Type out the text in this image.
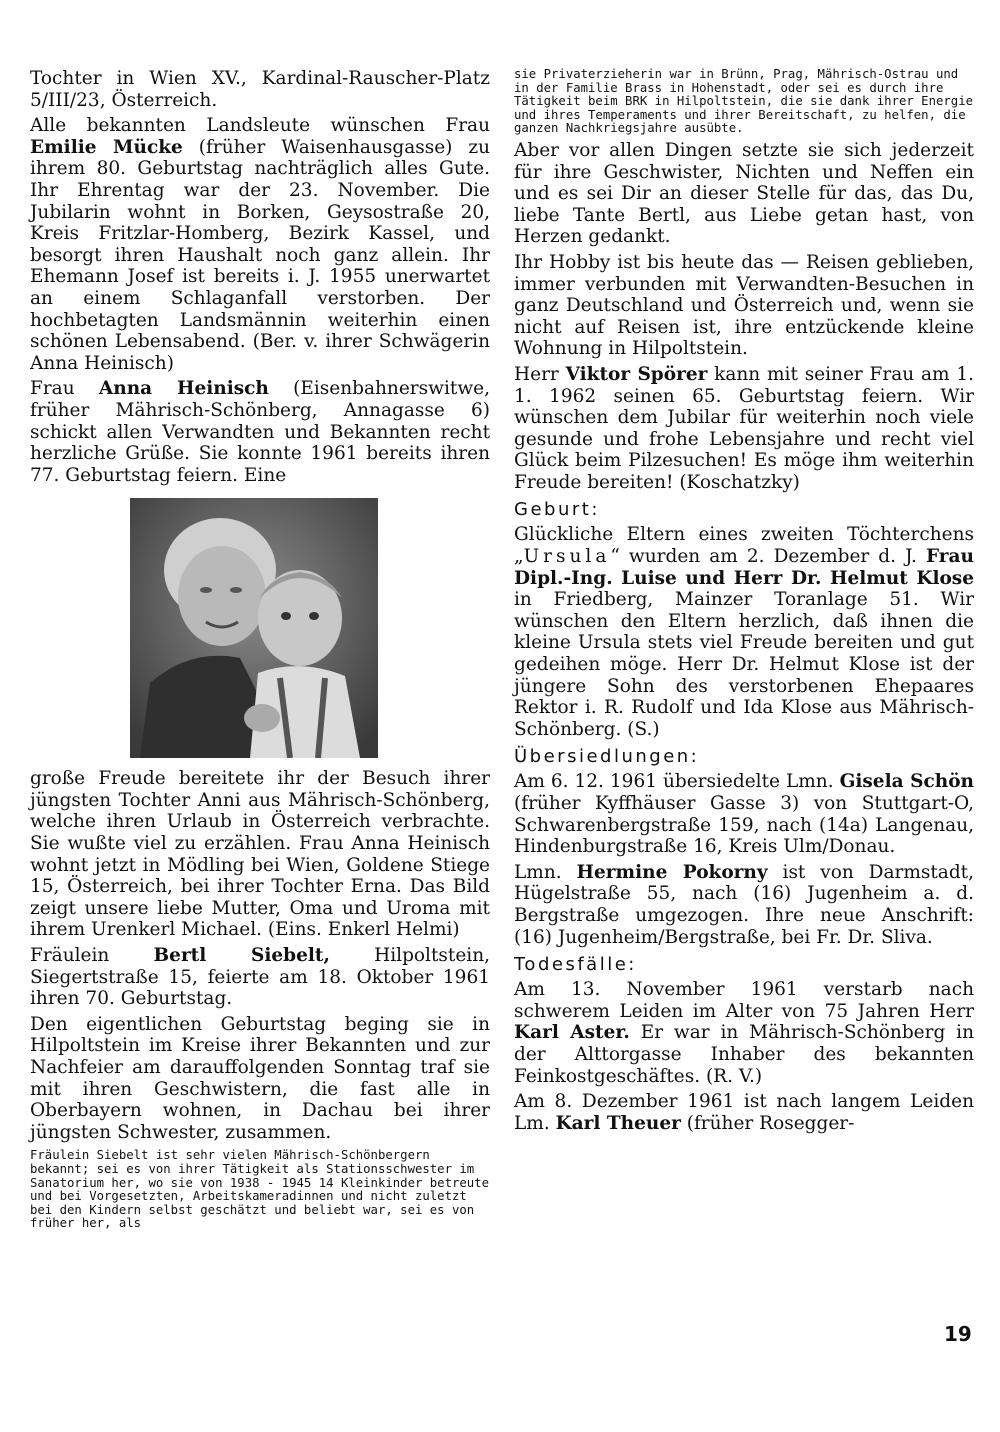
Tochter in Wien XV., Kardinal-Rauscher-Platz 5/III/23, Österreich.

Alle bekannten Landsleute wünschen Frau Emilie Mücke (früher Waisenhausgasse) zu ihrem 80. Geburtstag nachträglich alles Gute. Ihr Ehrentag war der 23. November. Die Jubilarin wohnt in Borken, Geysostraße 20, Kreis Fritzlar-Homberg, Bezirk Kassel, und besorgt ihren Haushalt noch ganz allein. Ihr Ehemann Josef ist bereits i. J. 1955 unerwartet an einem Schlaganfall verstorben. Der hochbetagten Landsmännin weiterhin einen schönen Lebensabend. (Ber. v. ihrer Schwägerin Anna Heinisch)

Frau Anna Heinisch (Eisenbahnerswitwe, früher Mährisch-Schönberg, Annagasse 6) schickt allen Verwandten und Bekannten recht herzliche Grüße. Sie konnte 1961 bereits ihren 77. Geburtstag feiern. Eine

große Freude bereitete ihr der Besuch ihrer jüngsten Tochter Anni aus Mährisch-Schönberg, welche ihren Urlaub in Österreich verbrachte. Sie wußte viel zu erzählen. Frau Anna Heinisch wohnt jetzt in Mödling bei Wien, Goldene Stiege 15, Österreich, bei ihrer Tochter Erna. Das Bild zeigt unsere liebe Mutter, Oma und Uroma mit ihrem Urenkerl Michael. (Eins. Enkerl Helmi)

Fräulein Bertl Siebelt, Hilpoltstein, Siegertstraße 15, feierte am 18. Oktober 1961 ihren 70. Geburtstag.

Den eigentlichen Geburtstag beging sie in Hilpoltstein im Kreise ihrer Bekannten und zur Nachfeier am darauffolgenden Sonntag traf sie mit ihren Geschwistern, die fast alle in Oberbayern wohnen, in Dachau bei ihrer jüngsten Schwester, zusammen.

Fräulein Siebelt ist sehr vielen Mährisch-Schönbergern bekannt; sei es von ihrer Tätigkeit als Stationsschwester im Sanatorium her, wo sie von 1938 - 1945 14 Kleinkinder betreute und bei Vorgesetzten, Arbeitskameradinnen und nicht zuletzt bei den Kindern selbst geschätzt und beliebt war, sei es von früher her, als

sie Privaterzieherin war in Brünn, Prag, Mährisch-Ostrau und in der Familie Brass in Hohenstadt, oder sei es durch ihre Tätigkeit beim BRK in Hilpoltstein, die sie dank ihrer Energie und ihres Temperaments und ihrer Bereitschaft, zu helfen, die ganzen Nachkriegsjahre ausübte.

Aber vor allen Dingen setzte sie sich jederzeit für ihre Geschwister, Nichten und Neffen ein und es sei Dir an dieser Stelle für das, das Du, liebe Tante Bertl, aus Liebe getan hast, von Herzen gedankt.

Ihr Hobby ist bis heute das — Reisen geblieben, immer verbunden mit Verwandten-Besuchen in ganz Deutschland und Österreich und, wenn sie nicht auf Reisen ist, ihre entzückende kleine Wohnung in Hilpoltstein.

Herr Viktor Spörer kann mit seiner Frau am 1. 1. 1962 seinen 65. Geburtstag feiern. Wir wünschen dem Jubilar für weiterhin noch viele gesunde und frohe Lebensjahre und recht viel Glück beim Pilzesuchen! Es möge ihm weiterhin Freude bereiten! (Koschatzky)

Geburt:

Glückliche Eltern eines zweiten Töchterchens „Ursula“ wurden am 2. Dezember d. J. Frau Dipl.-Ing. Luise und Herr Dr. Helmut Klose in Friedberg, Mainzer Toranlage 51. Wir wünschen den Eltern herzlich, daß ihnen die kleine Ursula stets viel Freude bereiten und gut gedeihen möge. Herr Dr. Helmut Klose ist der jüngere Sohn des verstorbenen Ehepaares Rektor i. R. Rudolf und Ida Klose aus Mährisch-Schönberg. (S.)

Übersiedlungen:

Am 6. 12. 1961 übersiedelte Lmn. Gisela Schön (früher Kyffhäuser Gasse 3) von Stuttgart-O, Schwarenbergstraße 159, nach (14a) Langenau, Hindenburgstraße 16, Kreis Ulm/Donau.

Lmn. Hermine Pokorny ist von Darmstadt, Hügelstraße 55, nach (16) Jugenheim a. d. Bergstraße umgezogen. Ihre neue Anschrift: (16) Jugenheim/Bergstraße, bei Fr. Dr. Sliva.

Todesfälle:

Am 13. November 1961 verstarb nach schwerem Leiden im Alter von 75 Jahren Herr Karl Aster. Er war in Mährisch-Schönberg in der Alttorgasse Inhaber des bekannten Feinkostgeschäftes. (R. V.)

Am 8. Dezember 1961 ist nach langem Leiden Lm. Karl Theuer (früher Rosegger-

19
